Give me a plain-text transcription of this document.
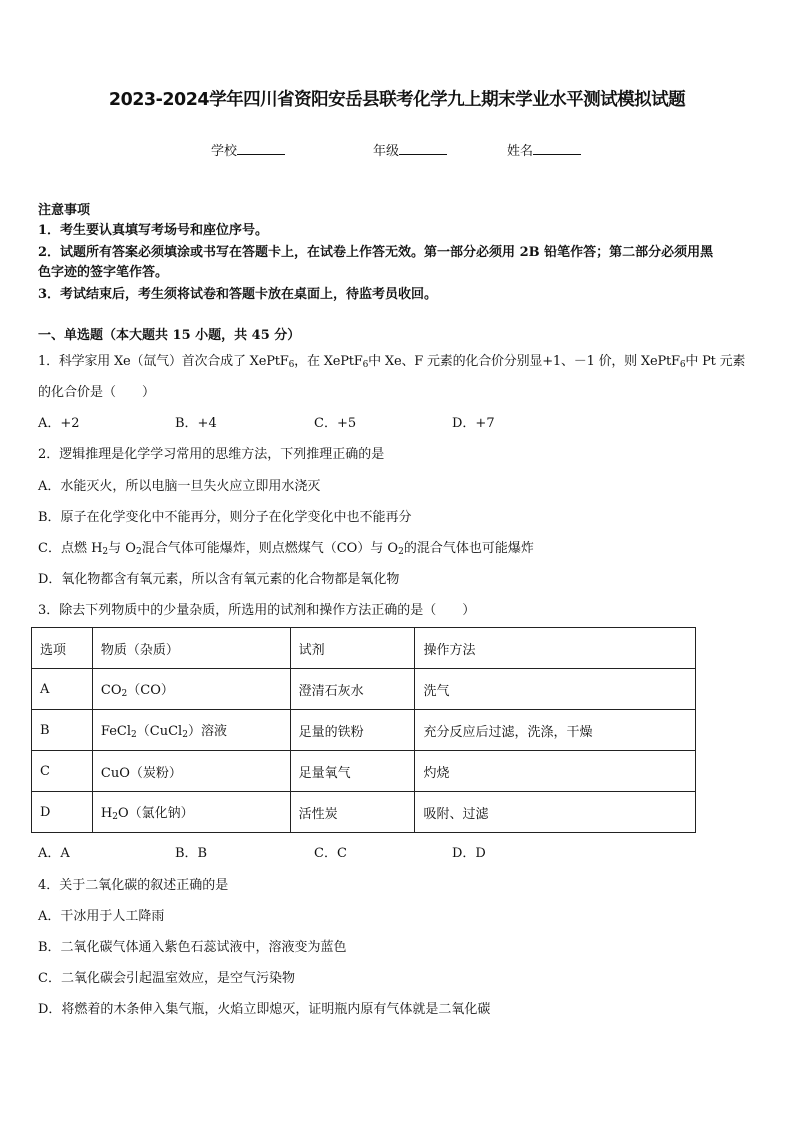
2023-2024学年四川省资阳安岳县联考化学九上期末学业水平测试模拟试题
学校	年级	姓名
注意事项
1．考生要认真填写考场号和座位序号。
2．试题所有答案必须填涂或书写在答题卡上，在试卷上作答无效。第一部分必须用 2B 铅笔作答；第二部分必须用黑
色字迹的签字笔作答。
3．考试结束后，考生须将试卷和答题卡放在桌面上，待监考员收回。
一、单选题（本大题共 15 小题，共 45 分）
1．科学家用 Xe（氙气）首次合成了 XePtF6，在 XePtF6中 Xe、F 元素的化合价分别显+1、－1 价，则 XePtF6中 Pt 元素
的化合价是（　　）
A．+2	B．+4	C．+5	D．+7
2．逻辑推理是化学学习常用的思维方法，下列推理正确的是
A．水能灭火，所以电脑一旦失火应立即用水浇灭
B．原子在化学变化中不能再分，则分子在化学变化中也不能再分
C．点燃 H2与 O2混合气体可能爆炸，则点燃煤气（CO）与 O2的混合气体也可能爆炸
D．氧化物都含有氧元素，所以含有氧元素的化合物都是氧化物
3．除去下列物质中的少量杂质，所选用的试剂和操作方法正确的是（　　）
选项	物质（杂质）	试剂	操作方法
A	CO2（CO）	澄清石灰水	洗气
B	FeCl2（CuCl2）溶液	足量的铁粉	充分反应后过滤，洗涤，干燥
C	CuO（炭粉）	足量氧气	灼烧
D	H2O（氯化钠）	活性炭	吸附、过滤
A．A	B．B	C．C	D．D
4．关于二氧化碳的叙述正确的是
A．干冰用于人工降雨
B．二氧化碳气体通入紫色石蕊试液中，溶液变为蓝色
C．二氧化碳会引起温室效应，是空气污染物
D．将燃着的木条伸入集气瓶，火焰立即熄灭，证明瓶内原有气体就是二氧化碳
